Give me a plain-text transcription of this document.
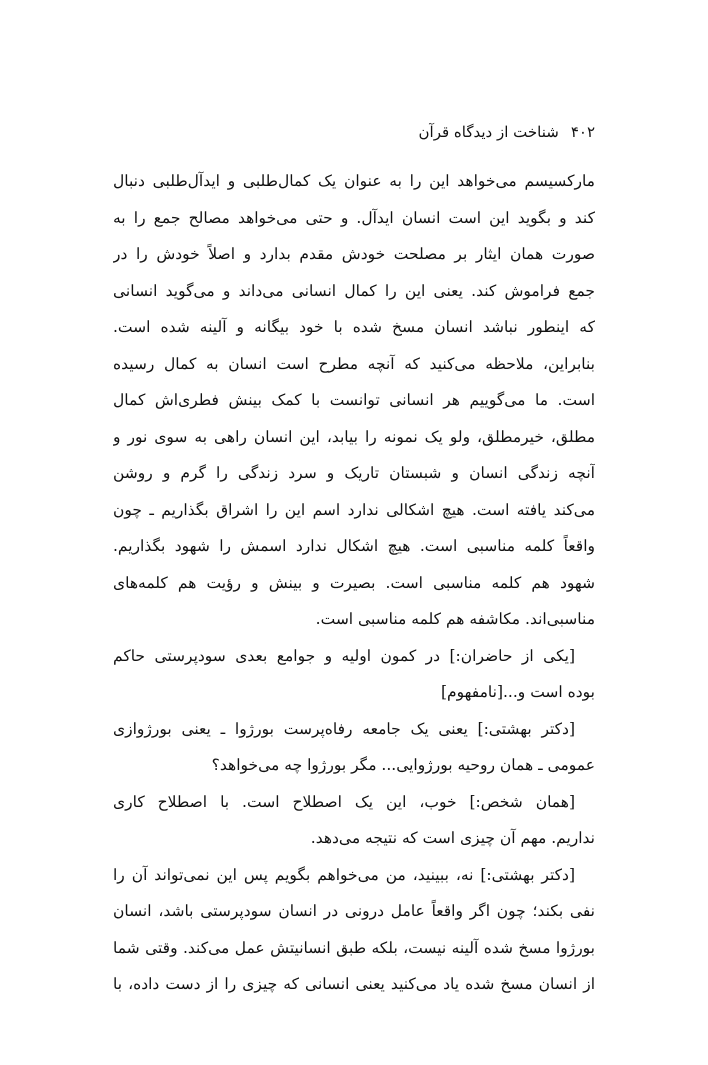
۴۰۲شناخت از دیدگاه قرآن
مارکسیسم می‌خواهد این را به عنوان یک کمال‌طلبی و ایدآل‌طلبی دنبال
کند و بگوید این است انسان ایدآل. و حتی می‌خواهد مصالح جمع را به
صورت همان ایثار بر مصلحت خودش مقدم بدارد و اصلاً خودش را در
جمع فراموش کند. یعنی این را کمال انسانی می‌داند و می‌گوید انسانی
که اینطور نباشد انسان مسخ شده با خود بیگانه و آلینه شده است.
بنابراین، ملاحظه می‌کنید که آنچه مطرح است انسان به کمال رسیده
است. ما می‌گوییم هر انسانی توانست با کمک بینش فطری‌اش کمال
مطلق، خیرمطلق، ولو یک نمونه را بیابد، این انسان راهی به سوی نور و
آنچه زندگی انسان و شبستان تاریک و سرد زندگی را گرم و روشن
می‌کند یافته است. هیچ اشکالی ندارد اسم این را اشراق بگذاریم ـ چون
واقعاً کلمه مناسبی است. هیچ اشکال ندارد اسمش را شهود بگذاریم.
شهود هم کلمه مناسبی است. بصیرت و بینش و رؤیت هم کلمه‌های
مناسبی‌اند. مکاشفه هم کلمه مناسبی است.
[یکی از حاضران:] در کمون اولیه و جوامع بعدی سودپرستی حاکم
بوده است و...[نامفهوم]
[دکتر بهشتی:] یعنی یک جامعه رفاه‌پرست بورژوا ـ یعنی بورژوازی
عمومی ـ همان روحیه بورژوایی... مگر بورژوا چه می‌خواهد؟
[همان شخص:] خوب، این یک اصطلاح است. با اصطلاح کاری
نداریم. مهم آن چیزی است که نتیجه می‌دهد.
[دکتر بهشتی:] نه، ببینید، من می‌خواهم بگویم پس این نمی‌تواند آن را
نفی بکند؛ چون اگر واقعاً عامل درونی در انسان سودپرستی باشد، انسان
بورژوا مسخ شده آلینه نیست، بلکه طبق انسانیتش عمل می‌کند. وقتی شما
از انسان مسخ شده یاد می‌کنید یعنی انسانی که چیزی را از دست داده، با
